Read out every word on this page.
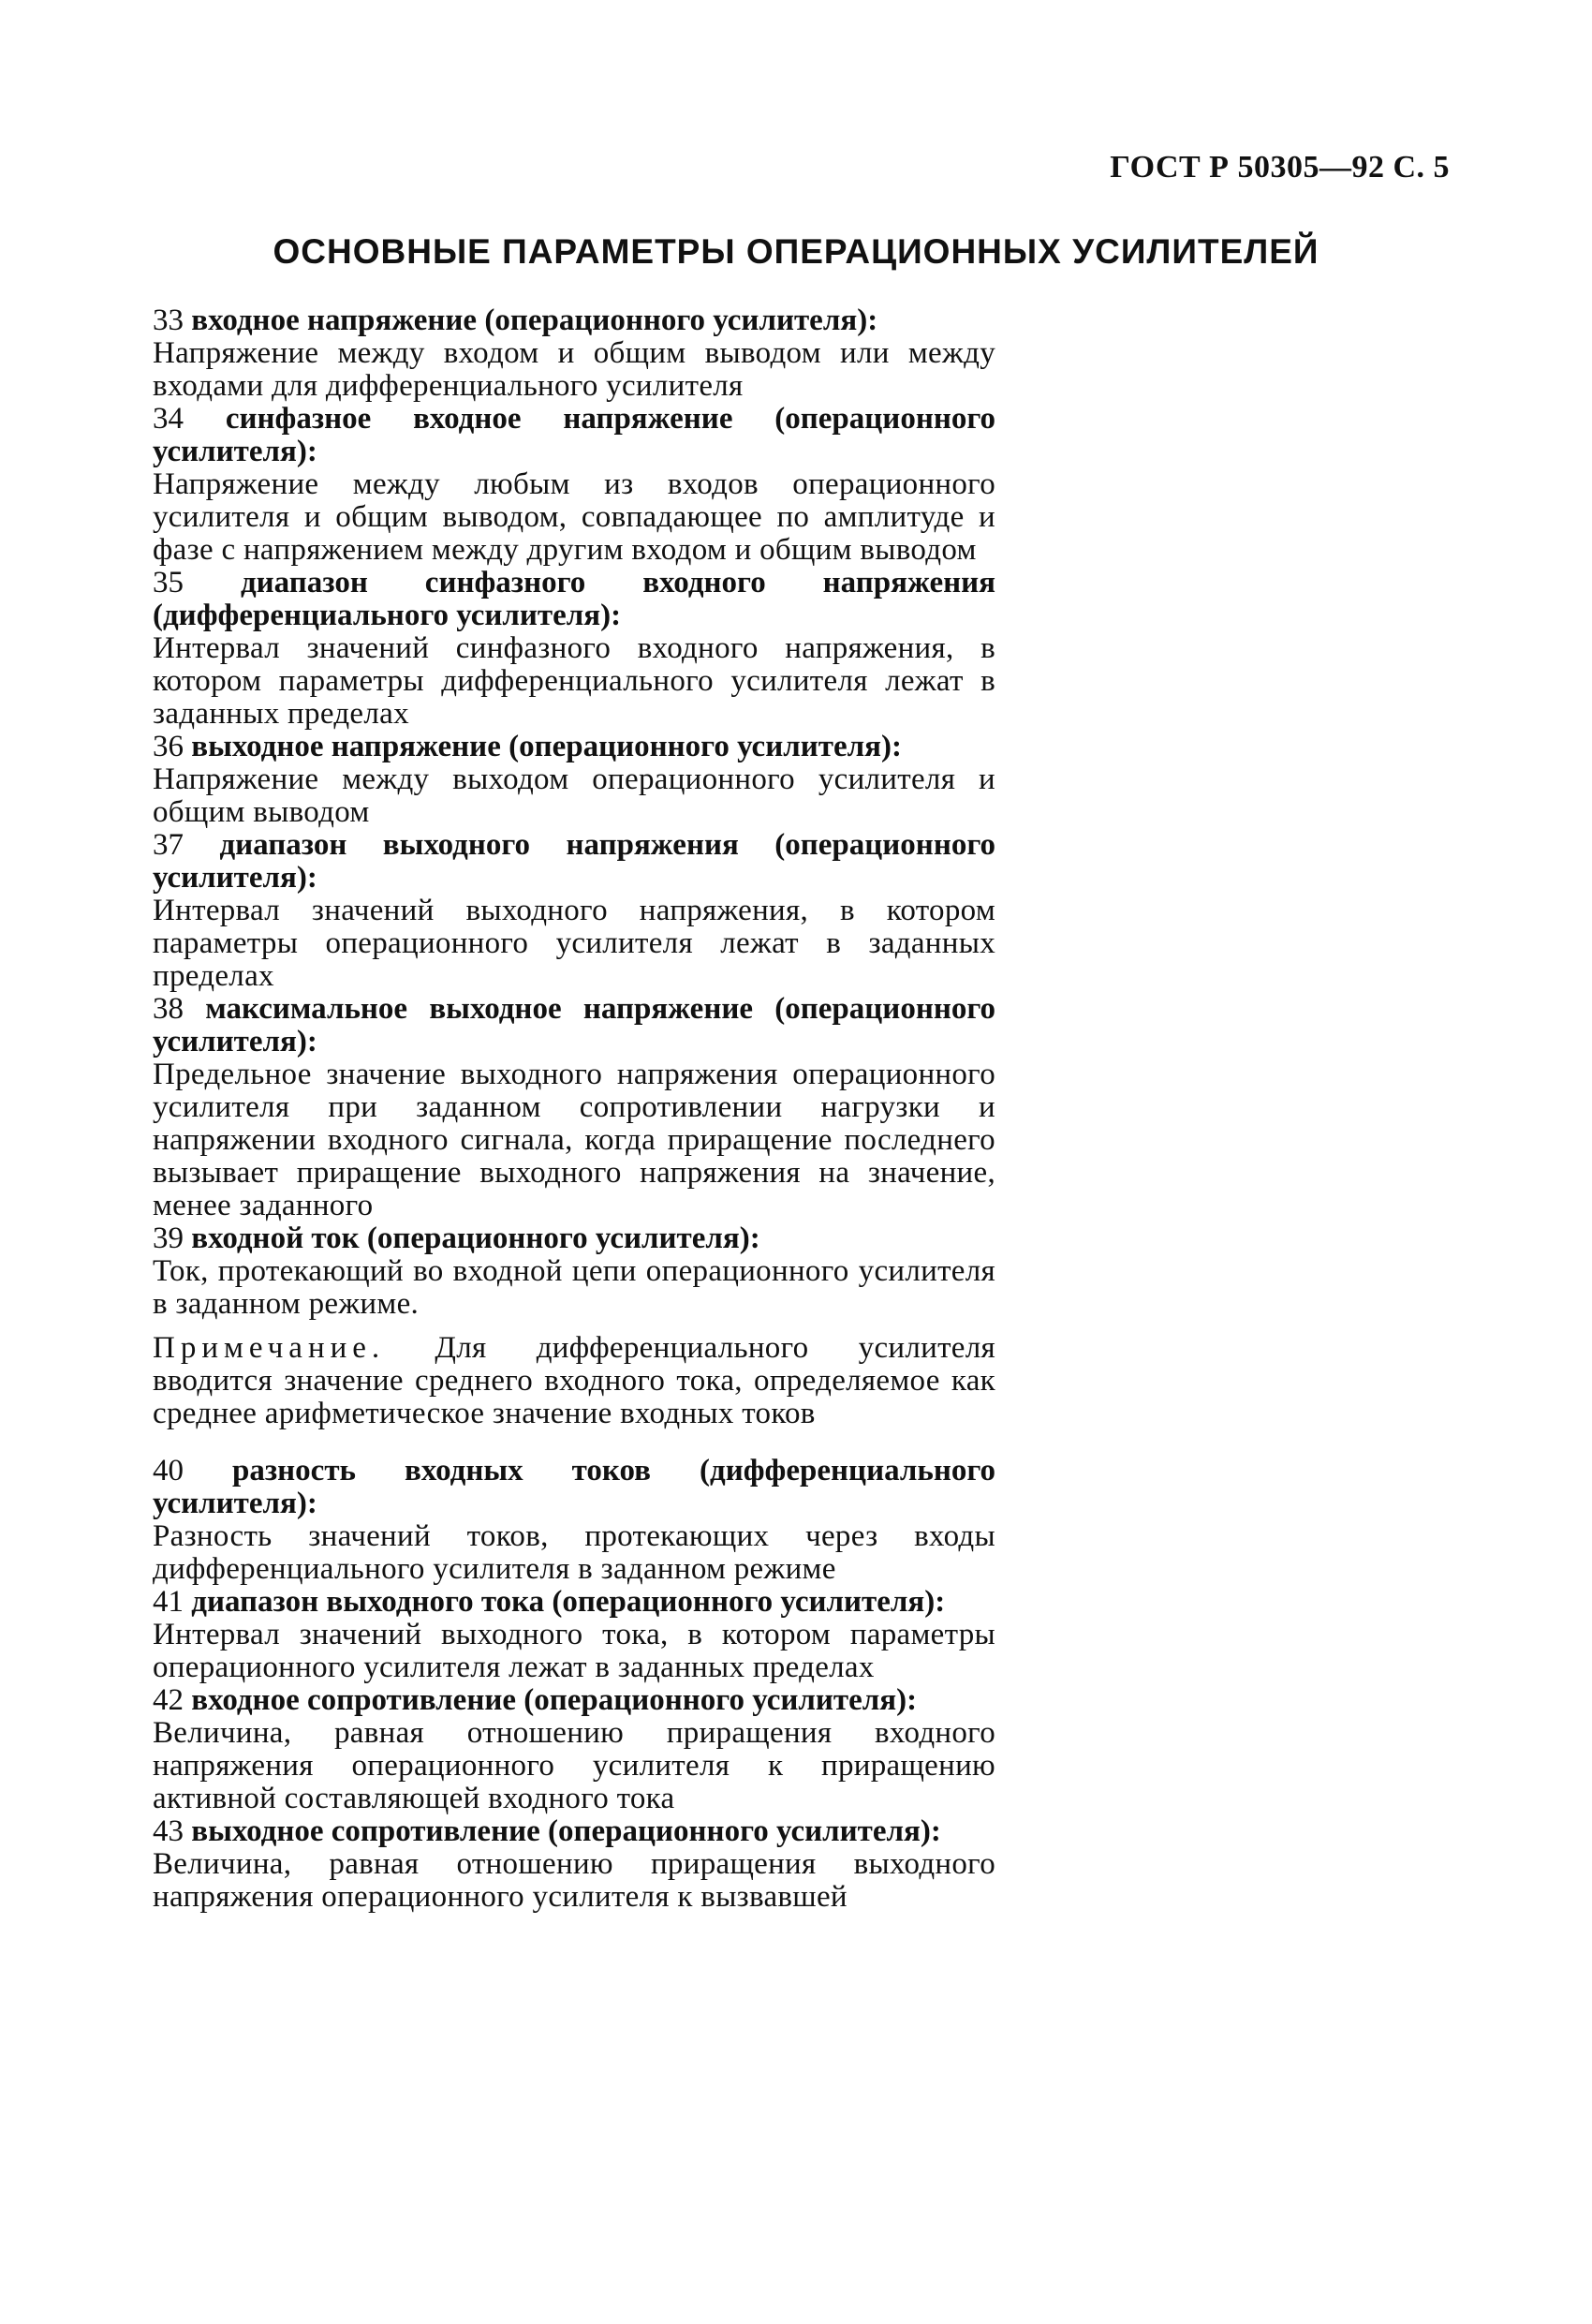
ГОСТ Р 50305—92 С. 5
ОСНОВНЫЕ ПАРАМЕТРЫ ОПЕРАЦИОННЫХ УСИЛИТЕЛЕЙ

33 входное напряжение (операционного усилителя):

Напряжение между входом и общим выводом или между входами для дифференциального усилителя

34 синфазное входное напряжение (операционного усилителя):

Напряжение между любым из входов операционного усилителя и общим выводом, совпадающее по амплитуде и фазе с напряжением между другим входом и общим выводом

35 диапазон синфазного входного напряжения (дифференциального усилителя):

Интервал значений синфазного входного напряжения, в котором параметры дифференциального усилителя лежат в заданных пределах

36 выходное напряжение (операционного усилителя):

Напряжение между выходом операционного усилителя и общим выводом

37 диапазон выходного напряжения (операционного усилителя):

Интервал значений выходного напряжения, в котором параметры операционного усилителя лежат в заданных пределах

38 максимальное выходное напряжение (операционного усилителя):

Предельное значение выходного напряжения операционного усилителя при заданном сопротивлении нагрузки и напряжении входного сигнала, когда приращение последнего вызывает приращение выходного напряжения на значение, менее заданного

39 входной ток (операционного усилителя):

Ток, протекающий во входной цепи операционного усилителя в заданном режиме.

Примечание. Для дифференциального усилителя вводится значение среднего входного тока, определяемое как среднее арифметическое значение входных токов

40 разность входных токов (дифференциального усилителя):

Разность значений токов, протекающих через входы дифференциального усилителя в заданном режиме

41 диапазон выходного тока (операционного усилителя):

Интервал значений выходного тока, в котором параметры операционного усилителя лежат в заданных пределах

42 входное сопротивление (операционного усилителя):

Величина, равная отношению приращения входного напряжения операционного усилителя к приращению активной составляющей входного тока

43 выходное сопротивление (операционного усилителя):

Величина, равная отношению приращения выходного напряжения операционного усилителя к вызвавшей
